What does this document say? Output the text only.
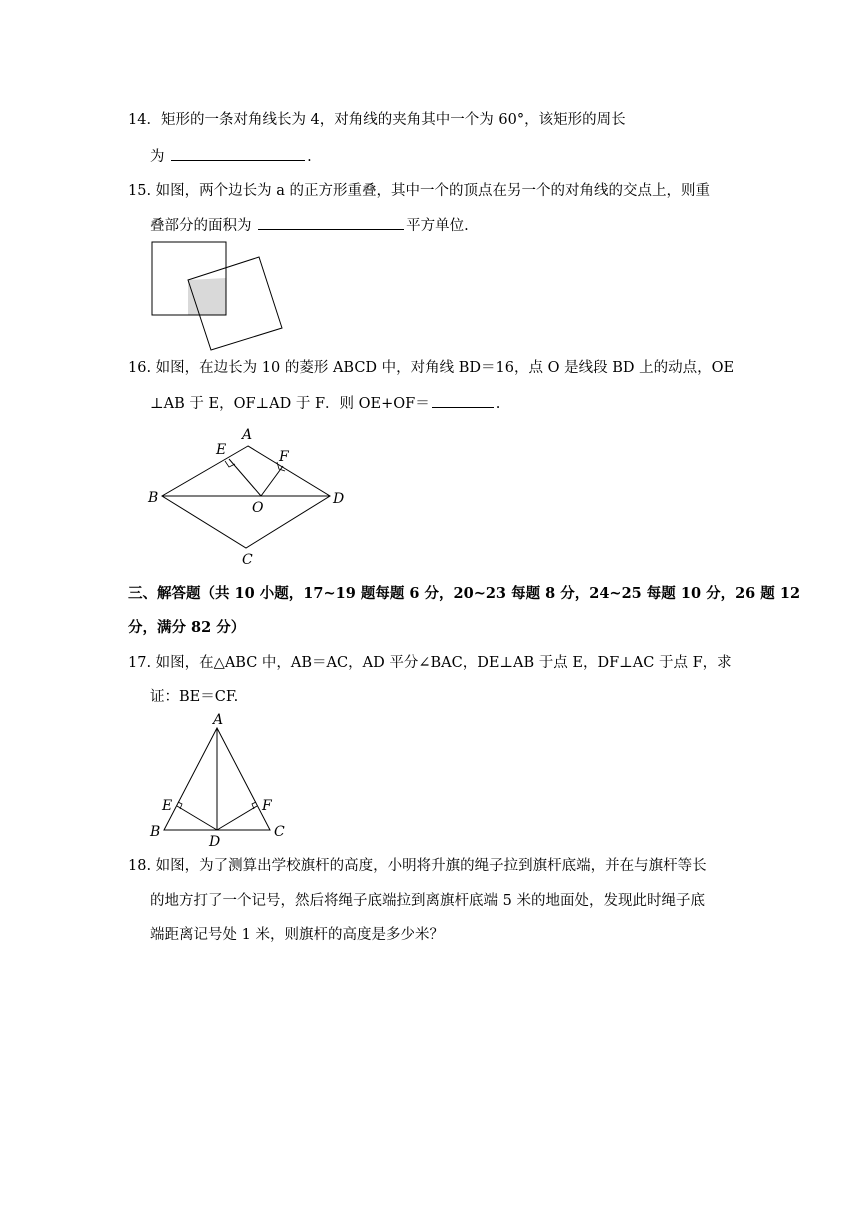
14．矩形的一条对角线长为 4，对角线的夹角其中一个为 60°，该矩形的周长
为	.
15. 如图，两个边长为 a 的正方形重叠，其中一个的顶点在另一个的对角线的交点上，则重
叠部分的面积为	平方单位.
16. 如图，在边长为 10 的菱形 ABCD 中，对角线 BD＝16，点 O 是线段 BD 上的动点，OE
⊥AB 于 E，OF⊥AD 于 F．则 OE+OF＝	.
A
E	F
B
O
D
C
三、解答题（共 10 小题，17~19 题每题 6 分，20~23 每题 8 分，24~25 每题 10 分，26 题 12
分，满分 82 分）
17. 如图，在△ABC 中，AB＝AC，AD 平分∠BAC，DE⊥AB 于点 E，DF⊥AC 于点 F，求
证：BE＝CF.
A
E	F
B
D
C
18. 如图，为了测算出学校旗杆的高度，小明将升旗的绳子拉到旗杆底端，并在与旗杆等长
的地方打了一个记号，然后将绳子底端拉到离旗杆底端 5 米的地面处，发现此时绳子底
端距离记号处 1 米，则旗杆的高度是多少米？
